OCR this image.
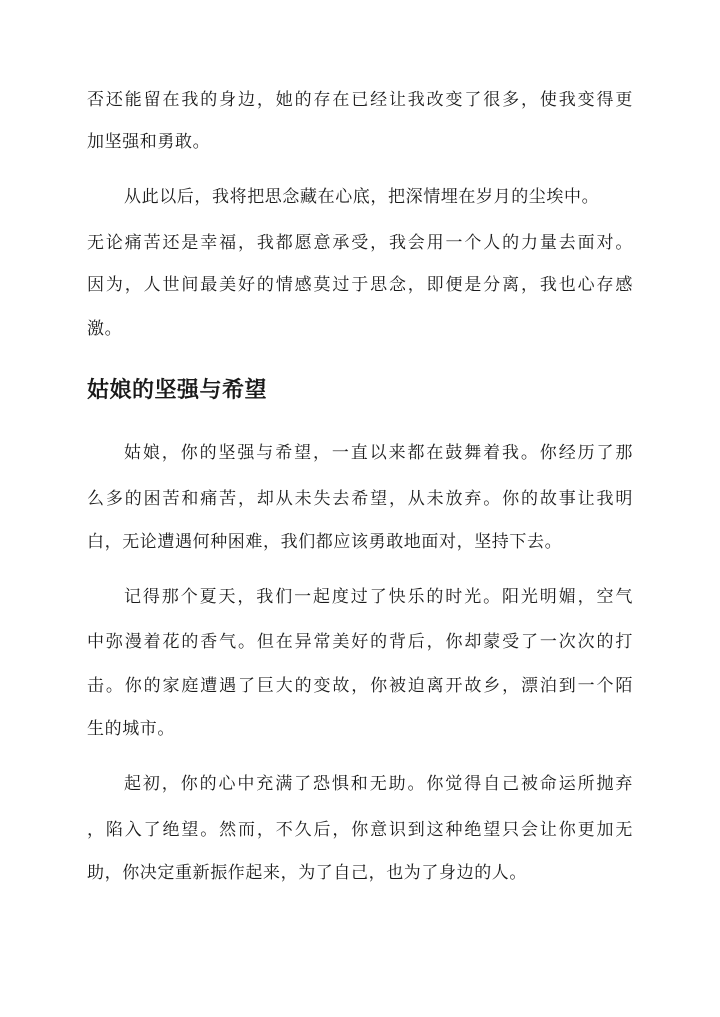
否还能留在我的身边，她的存在已经让我改变了很多，使我变得更
加坚强和勇敢。
从此以后，我将把思念藏在心底，把深情埋在岁月的尘埃中。
无论痛苦还是幸福，我都愿意承受，我会用一个人的力量去面对。
因为，人世间最美好的情感莫过于思念，即便是分离，我也心存感
激。
姑娘的坚强与希望
姑娘，你的坚强与希望，一直以来都在鼓舞着我。你经历了那
么多的困苦和痛苦，却从未失去希望，从未放弃。你的故事让我明
白，无论遭遇何种困难，我们都应该勇敢地面对，坚持下去。
记得那个夏天，我们一起度过了快乐的时光。阳光明媚，空气
中弥漫着花的香气。但在异常美好的背后，你却蒙受了一次次的打
击。你的家庭遭遇了巨大的变故，你被迫离开故乡，漂泊到一个陌
生的城市。
起初，你的心中充满了恐惧和无助。你觉得自己被命运所抛弃
，陷入了绝望。然而，不久后，你意识到这种绝望只会让你更加无
助，你决定重新振作起来，为了自己，也为了身边的人。
